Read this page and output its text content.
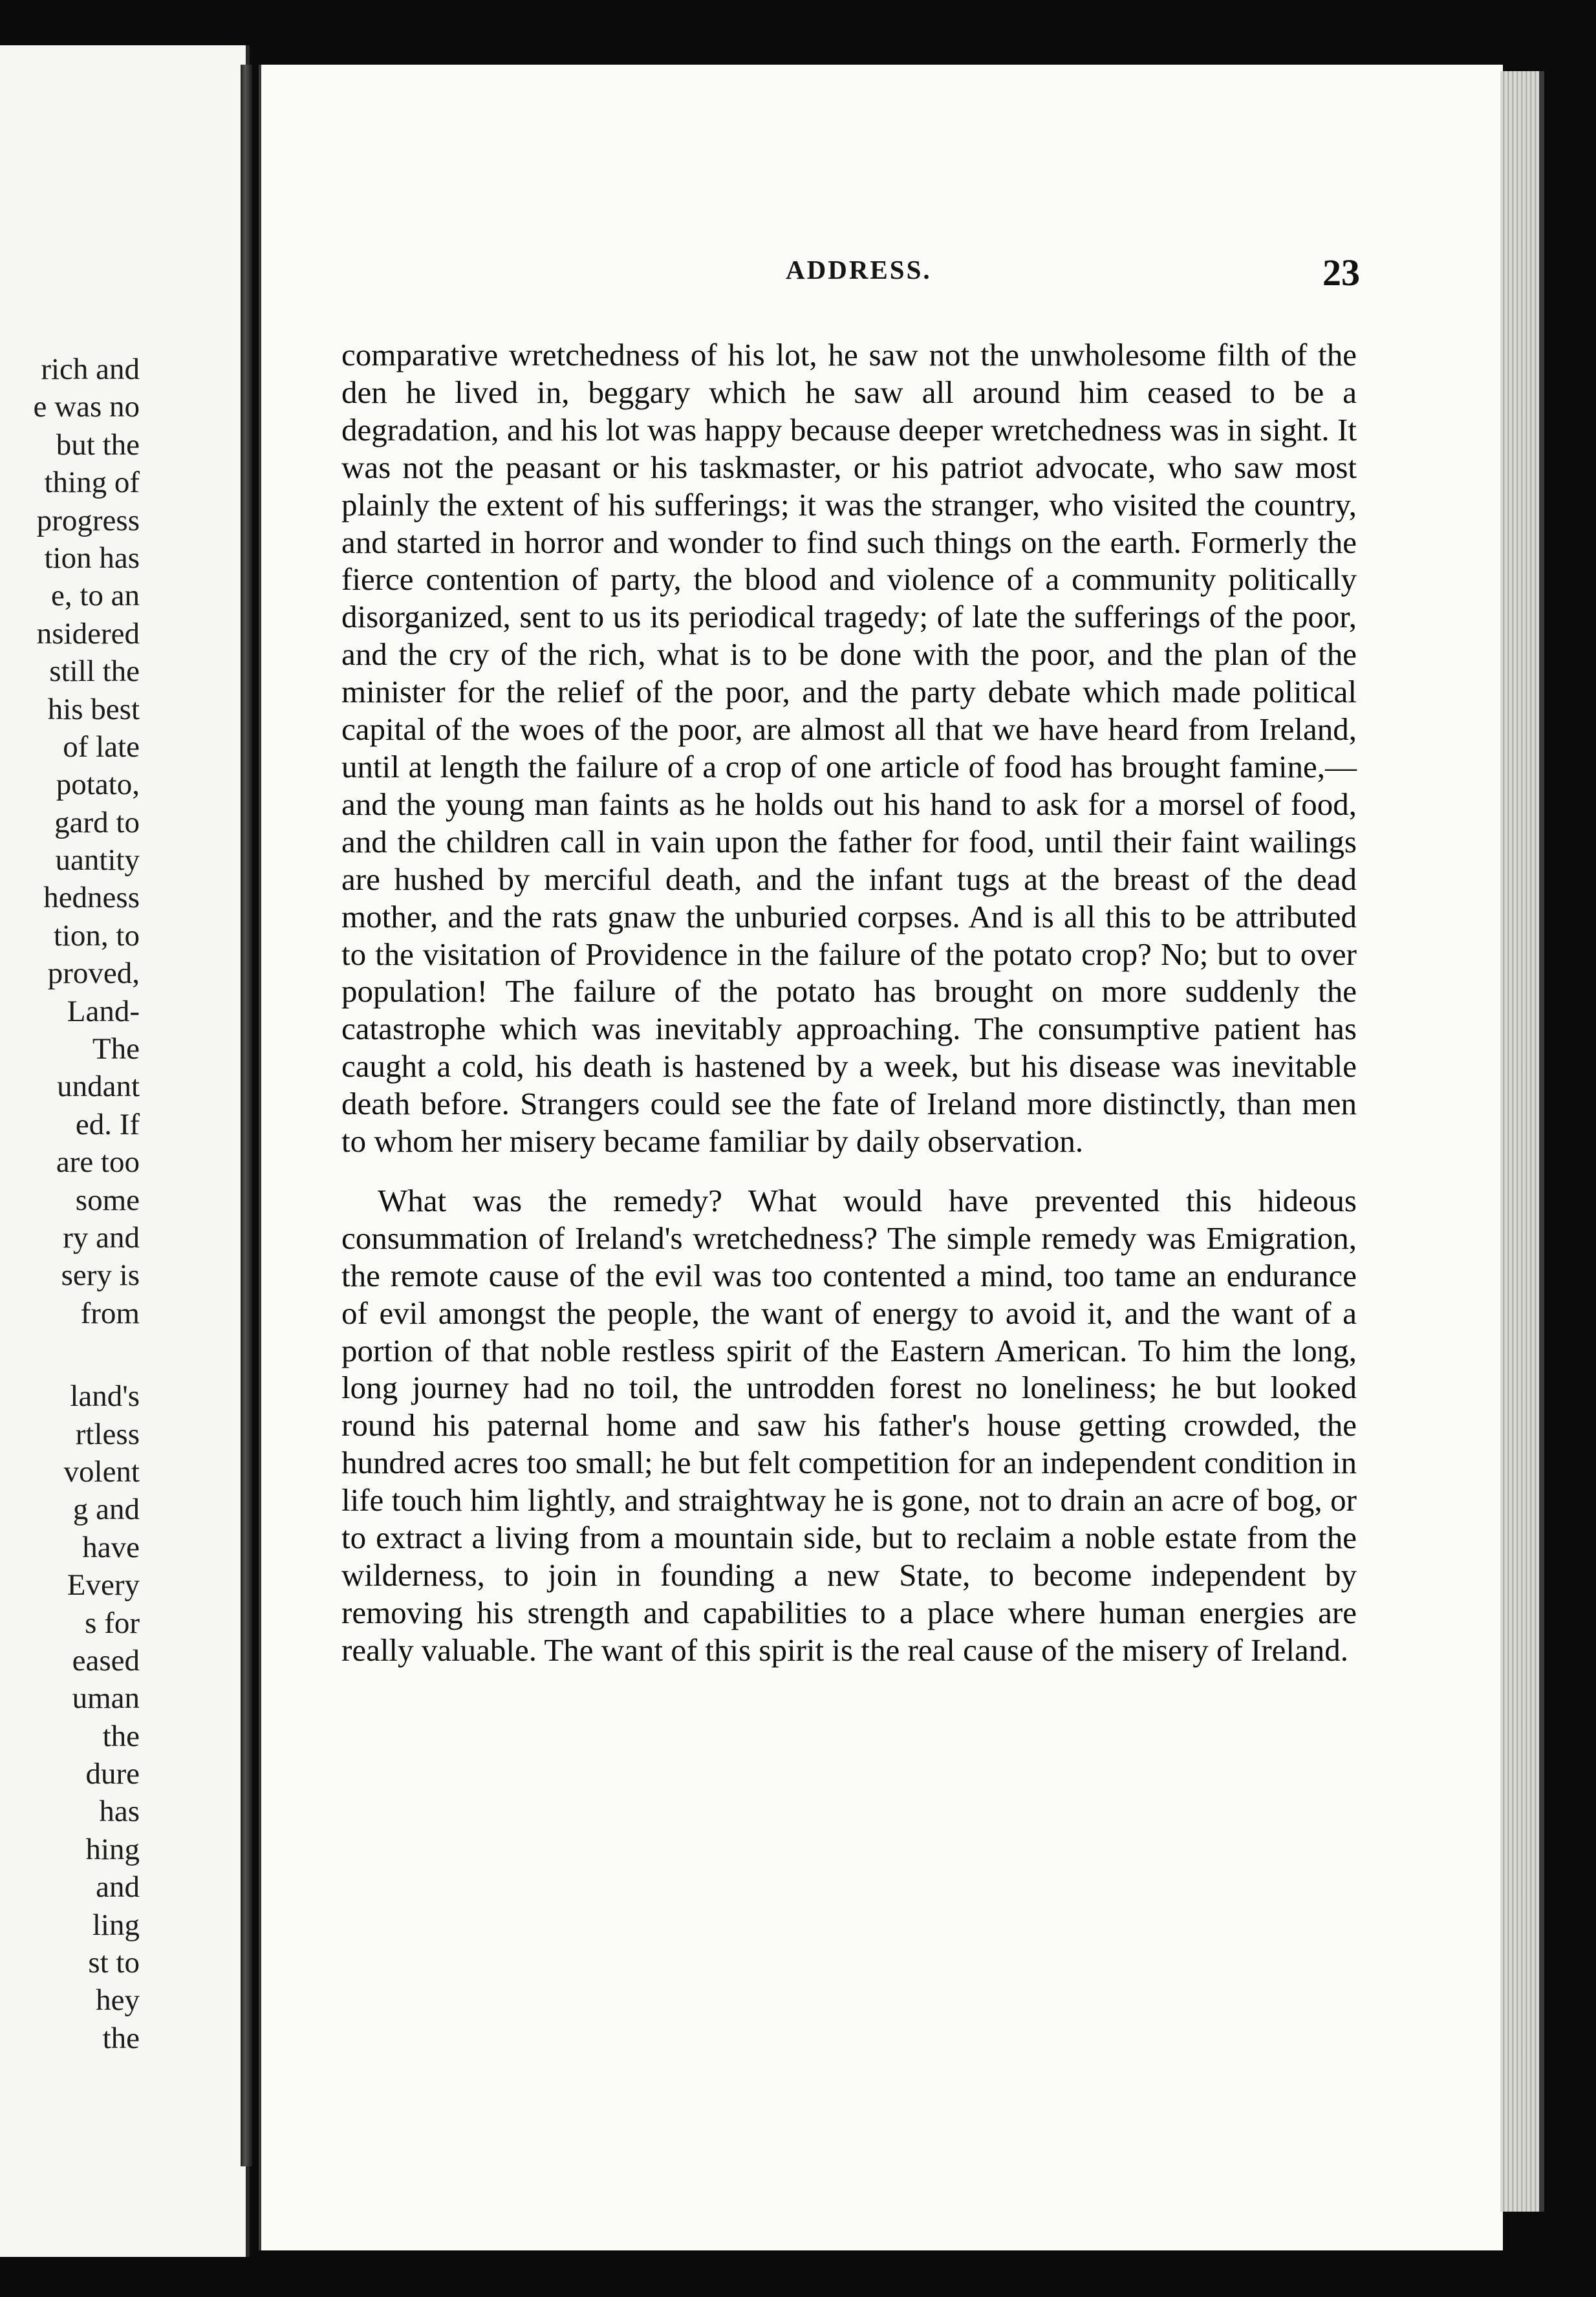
rich and
e was no
but the
thing of
progress
tion has
e, to an
nsidered
still the
his best
of late
potato,
gard to
uantity
hedness
tion, to
proved,
Land-
The
undant
ed. If
are too
some
ry and
sery is
from
land's
rtless
volent
g and
have
Every
s for
eased
uman
the
dure
has
hing
and
ling
st to
hey
the
ADDRESS.	23

comparative wretchedness of his lot, he saw not the unwholesome filth of the den he lived in, beggary which he saw all around him ceased to be a degradation, and his lot was happy because deeper wretchedness was in sight. It was not the peasant or his taskmaster, or his patriot advocate, who saw most plainly the extent of his sufferings; it was the stranger, who visited the country, and started in horror and wonder to find such things on the earth. Formerly the fierce contention of party, the blood and violence of a community politically disorganized, sent to us its periodical tragedy; of late the sufferings of the poor, and the cry of the rich, what is to be done with the poor, and the plan of the minister for the relief of the poor, and the party debate which made political capital of the woes of the poor, are almost all that we have heard from Ireland, until at length the failure of a crop of one article of food has brought famine,—and the young man faints as he holds out his hand to ask for a morsel of food, and the children call in vain upon the father for food, until their faint wailings are hushed by merciful death, and the infant tugs at the breast of the dead mother, and the rats gnaw the unburied corpses. And is all this to be attributed to the visitation of Providence in the failure of the potato crop? No; but to over population! The failure of the potato has brought on more suddenly the catastrophe which was inevitably approaching. The consumptive patient has caught a cold, his death is hastened by a week, but his disease was inevitable death before. Strangers could see the fate of Ireland more distinctly, than men to whom her misery became familiar by daily observation.

What was the remedy? What would have prevented this hideous consummation of Ireland's wretchedness? The simple remedy was Emigration, the remote cause of the evil was too contented a mind, too tame an endurance of evil amongst the people, the want of energy to avoid it, and the want of a portion of that noble restless spirit of the Eastern American. To him the long, long journey had no toil, the untrodden forest no loneliness; he but looked round his paternal home and saw his father's house getting crowded, the hundred acres too small; he but felt competition for an independent condition in life touch him lightly, and straightway he is gone, not to drain an acre of bog, or to extract a living from a mountain side, but to reclaim a noble estate from the wilderness, to join in founding a new State, to become independent by removing his strength and capabilities to a place where human energies are really valuable. The want of this spirit is the real cause of the misery of Ireland.
